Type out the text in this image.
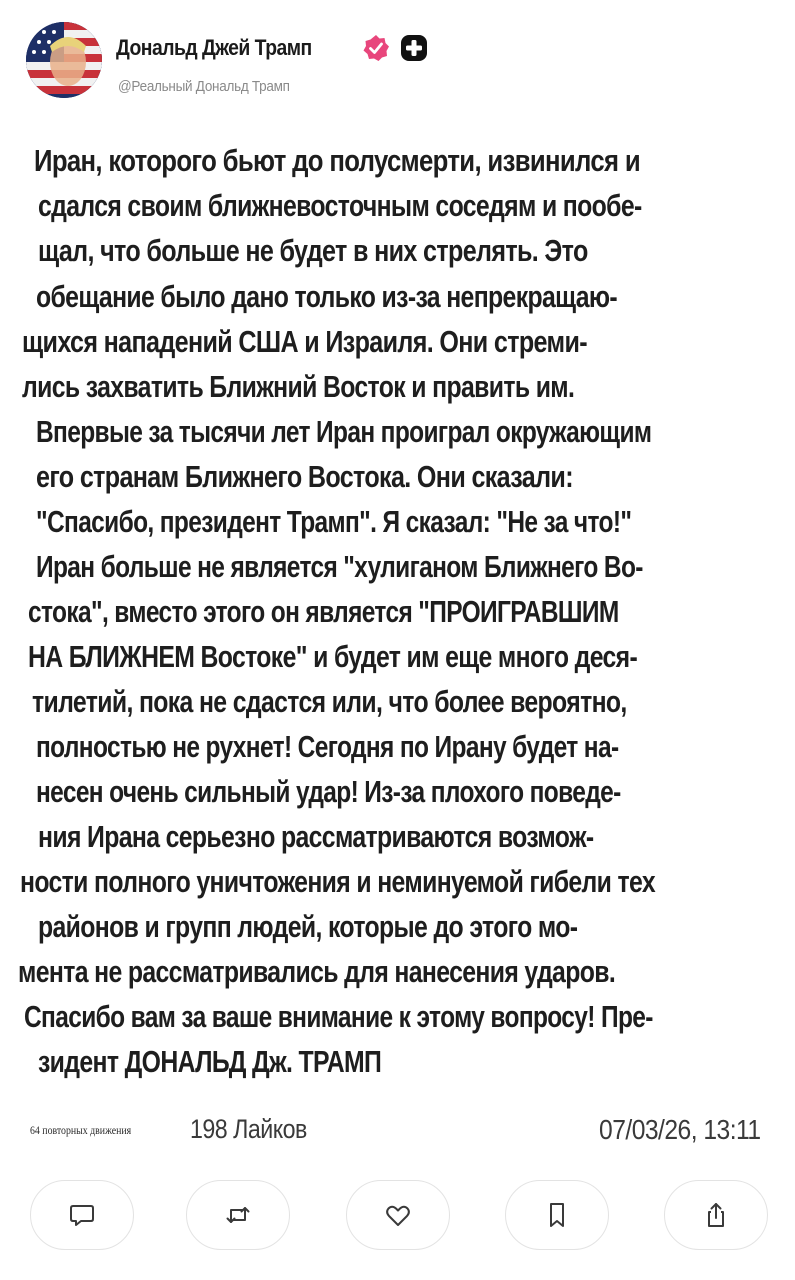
Дональд Джей Трамп
@Реальный Дональд Трамп
Иран, которого бьют до полусмерти, извинился и
сдался своим ближневосточным соседям и пообе-
щал, что больше не будет в них стрелять. Это
обещание было дано только из-за непрекращаю-
щихся нападений США и Израиля. Они стреми-
лись захватить Ближний Восток и править им.
Впервые за тысячи лет Иран проиграл окружающим
его странам Ближнего Востока. Они сказали:
"Спасибо, президент Трамп". Я сказал: "Не за что!"
Иран больше не является "хулиганом Ближнего Во-
стока", вместо этого он является "ПРОИГРАВШИМ
НА БЛИЖНЕМ Востоке" и будет им еще много деся-
тилетий, пока не сдастся или, что более вероятно,
полностью не рухнет! Сегодня по Ирану будет на-
несен очень сильный удар! Из-за плохого поведе-
ния Ирана серьезно рассматриваются возмож-
ности полного уничтожения и неминуемой гибели тех
районов и групп людей, которые до этого мо-
мента не рассматривались для нанесения ударов.
Спасибо вам за ваше внимание к этому вопросу! Пре-
зидент ДОНАЛЬД Дж. ТРАМП
64 повторных движения 198 Лайков	07/03/26, 13:11
